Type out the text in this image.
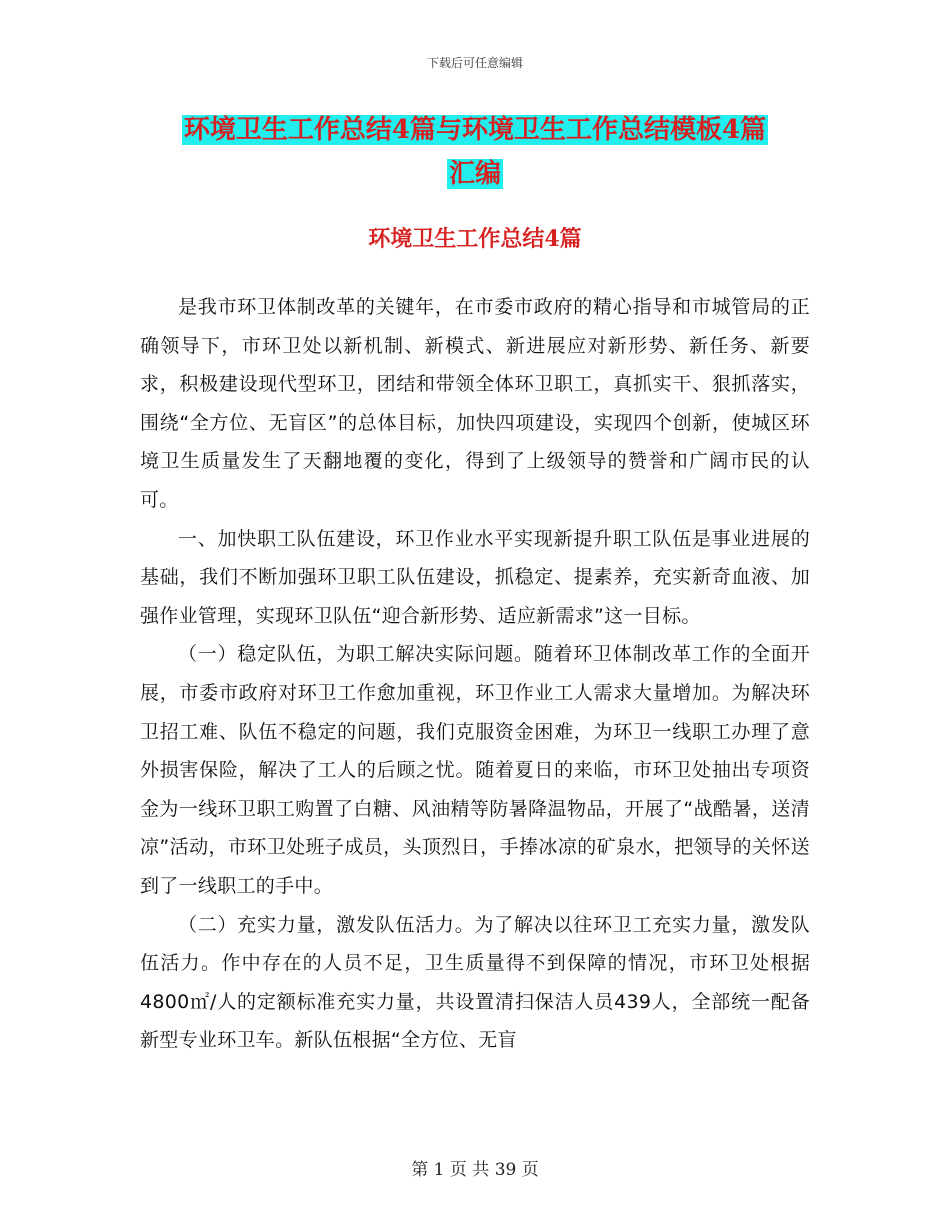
下载后可任意编辑
环境卫生工作总结4篇与环境卫生工作总结模板4篇
汇编
环境卫生工作总结4篇

是我市环卫体制改革的关键年，在市委市政府的精心指导和市城管局的正确领导下，市环卫处以新机制、新模式、新进展应对新形势、新任务、新要求，积极建设现代型环卫，团结和带领全体环卫职工，真抓实干、狠抓落实，围绕“全方位、无盲区”的总体目标，加快四项建设，实现四个创新，使城区环境卫生质量发生了天翻地覆的变化，得到了上级领导的赞誉和广阔市民的认可。

一、加快职工队伍建设，环卫作业水平实现新提升职工队伍是事业进展的基础，我们不断加强环卫职工队伍建设，抓稳定、提素养，充实新奇血液、加强作业管理，实现环卫队伍“迎合新形势、适应新需求”这一目标。

（一）稳定队伍，为职工解决实际问题。随着环卫体制改革工作的全面开展，市委市政府对环卫工作愈加重视，环卫作业工人需求大量增加。为解决环卫招工难、队伍不稳定的问题，我们克服资金困难，为环卫一线职工办理了意外损害保险，解决了工人的后顾之忧。随着夏日的来临，市环卫处抽出专项资金为一线环卫职工购置了白糖、风油精等防暑降温物品，开展了“战酷暑，送清凉”活动，市环卫处班子成员，头顶烈日，手捧冰凉的矿泉水，把领导的关怀送到了一线职工的手中。

（二）充实力量，激发队伍活力。为了解决以往环卫工充实力量，激发队伍活力。作中存在的人员不足，卫生质量得不到保障的情况，市环卫处根据4800㎡/人的定额标准充实力量，共设置清扫保洁人员439人，全部统一配备新型专业环卫车。新队伍根据“全方位、无盲

第 1 页 共 39 页
